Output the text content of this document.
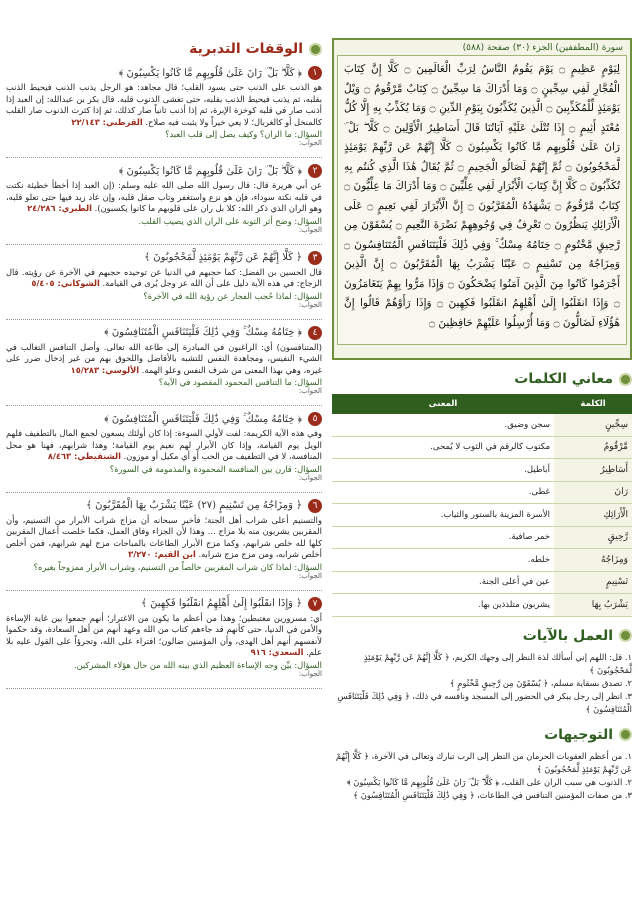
الوقفات التدبرية
١
﴿ كَلَّا ۖ بَلْ ۜ رَانَ عَلَىٰ قُلُوبِهِم مَّا كَانُوا يَكْسِبُونَ ﴾
هو الذنب على الذنب حتى يسود القلب؛ قال مجاهد: هو الرجل يذنب الذنب فيحيط الذنب بقلبه، ثم يذنب فيحيط الذنب بقلبه، حتى تغشى الذنوب قلبه. قال بكر بن عبدالله: إن العبد إذا أذنب صار في قلبه كوخزة الإبرة، ثم إذا أذنب ثانياً صار كذلك، ثم إذا كثرت الذنوب صار القلب كالمنخل أو كالغربال؛ لا يعي خيراً ولا يثبت فيه صلاح. القرطبي: ٢٢/١٤٣
السؤال: ما الران؟ وكيف يصل إلى قلب العبد؟
الجواب:
٢
﴿ كَلَّا ۖ بَلْ ۜ رَانَ عَلَىٰ قُلُوبِهِم مَّا كَانُوا يَكْسِبُونَ ﴾
عن أبي هريرة قال: قال رسول الله صلى الله عليه وسلم: (إن العبد إذا أخطأ خطيئة نكتت في قلبه نكتة سوداء، فإن هو نزع واستغفر وتاب صقل قلبه، وإن عاد زيد فيها حتى تعلو قلبه، وهو الران الذي ذكر الله: كلا بل ران على قلوبهم ما كانوا يكسبون). الطبري: ٢٤/٢٨٦
السؤال: وضح أثر التوبة على الران الذي يصيب القلب.
الجواب:
٣
﴿ كَلَّا إِنَّهُمْ عَن رَّبِّهِمْ يَوْمَئِذٍ لَّمَحْجُوبُونَ ﴾
قال الحسين بن الفضل: كما حجبهم في الدنيا عن توحيده حجبهم في الآخرة عن رؤيته. قال الزجاج: في هذه الآية دليل على أن الله عز وجل يُرى في القيامة. الشوكاني: ٥/٤٠٥
السؤال: لماذا حُجب الفجار عن رؤية الله في الآخرة؟
الجواب:
٤
﴿ خِتَامُهُ مِسْكٌ ۚ وَفِي ذَٰلِكَ فَلْيَتَنَافَسِ الْمُتَنَافِسُونَ ﴾
(المتنافسون) أي: الراغبون في المبادرة إلى طاعة الله تعالى. وأصل التنافس التغالب في الشيء النفيس، ومجاهدة النفس للتشبه بالأفاضل واللحوق بهم من غير إدخال ضرر على غيره، وهي بهذا المعنى من شرف النفس وعلو الهمة. الألوسي: ١٥/٢٨٣
السؤال: ما التنافس المحمود المقصود في الآية؟
الجواب:
٥
﴿ خِتَامُهُ مِسْكٌ ۚ وَفِي ذَٰلِكَ فَلْيَتَنَافَسِ الْمُتَنَافِسُونَ ﴾
وفي هذه الآية الكريمة: لفت لأولي السوءة: إذا كان أولئك يسعون لجمع المال بالتطفيف فلهم الويل يوم القيامة، وإذا كان الأبرار لهم نعيم يوم القيامة؛ وهذا شرابهم، فهنا هو محل المنافسة، لا في التطفيف من الحب أو أي مكيل أو موزون. الشنقيطي: ٨/٤٦٣
السؤال: قارن بين المنافسة المحمودة والمذمومة في السورة؟
الجواب:
٦
﴿ وَمِزَاجُهُ مِن تَسْنِيمٍ (٢٧) عَيْنًا يَشْرَبُ بِهَا الْمُقَرَّبُونَ ﴾
والتسنيم أعلى شراب أهل الجنة؛ فأخبر سبحانه أن مزاج شراب الأبرار من التسنيم، وأن المقربين يشربون منه بلا مزاج ... وهذا لأن الجزاء وفاق العمل، فكما خلصت أعمال المقربين كلها لله خلص شرابهم، وكما مزج الأبرار الطاعات بالمباحات مزج لهم شرابهم، فمن أخلص أخلص شرابه، ومن مزج مزج شرابه. ابن القيم: ٣/٢٧٠
السؤال: لماذا كان شراب المقربين خالصاً من التسنيم، وشراب الأبرار ممزوجاً بغيره؟
الجواب:
٧
﴿ وَإِذَا انقَلَبُوا إِلَىٰ أَهْلِهِمُ انقَلَبُوا فَكِهِينَ ﴾
أي: مسرورين مغتبطين؛ وهذا من أعظم ما يكون من الاغترار؛ أنهم جمعوا بين غاية الإساءة والأمن في الدنيا، حتى كأنهم قد جاءهم كتاب من الله وعهد أنهم من أهل السعادة، وقد حكموا لأنفسهم أنهم أهل الهدى، وأن المؤمنين ضالون؛ افتراء على الله، وتجرؤاً على القول عليه بلا علم. السعدي: ٩١٦
السؤال: بيِّن وجه الإساءة العظيم الذي بينه الله من حال هؤلاء المشركين.
الجواب:
سورة (المطففين) الجزء (٣٠) صفحة (٥٨٨)
لِيَوْمٍ عَظِيمٍ ۝ يَوْمَ يَقُومُ النَّاسُ لِرَبِّ الْعَالَمِينَ ۝ كَلَّا إِنَّ كِتَابَ الْفُجَّارِ لَفِي سِجِّينٍ ۝ وَمَا أَدْرَاكَ مَا سِجِّينٌ ۝ كِتَابٌ مَّرْقُومٌ ۝ وَيْلٌ يَوْمَئِذٍ لِّلْمُكَذِّبِينَ ۝ الَّذِينَ يُكَذِّبُونَ بِيَوْمِ الدِّينِ ۝ وَمَا يُكَذِّبُ بِهِ إِلَّا كُلُّ مُعْتَدٍ أَثِيمٍ ۝ إِذَا تُتْلَىٰ عَلَيْهِ آيَاتُنَا قَالَ أَسَاطِيرُ الْأَوَّلِينَ ۝ كَلَّا ۖ بَلْ ۜ رَانَ عَلَىٰ قُلُوبِهِم مَّا كَانُوا يَكْسِبُونَ ۝ كَلَّا إِنَّهُمْ عَن رَّبِّهِمْ يَوْمَئِذٍ لَّمَحْجُوبُونَ ۝ ثُمَّ إِنَّهُمْ لَصَالُو الْجَحِيمِ ۝ ثُمَّ يُقَالُ هَٰذَا الَّذِي كُنتُم بِهِ تُكَذِّبُونَ ۝ كَلَّا إِنَّ كِتَابَ الْأَبْرَارِ لَفِي عِلِّيِّينَ ۝ وَمَا أَدْرَاكَ مَا عِلِّيُّونَ ۝ كِتَابٌ مَّرْقُومٌ ۝ يَشْهَدُهُ الْمُقَرَّبُونَ ۝ إِنَّ الْأَبْرَارَ لَفِي نَعِيمٍ ۝ عَلَى الْأَرَائِكِ يَنظُرُونَ ۝ تَعْرِفُ فِي وُجُوهِهِمْ نَضْرَةَ النَّعِيمِ ۝ يُسْقَوْنَ مِن رَّحِيقٍ مَّخْتُومٍ ۝ خِتَامُهُ مِسْكٌ ۚ وَفِي ذَٰلِكَ فَلْيَتَنَافَسِ الْمُتَنَافِسُونَ ۝ وَمِزَاجُهُ مِن تَسْنِيمٍ ۝ عَيْنًا يَشْرَبُ بِهَا الْمُقَرَّبُونَ ۝ إِنَّ الَّذِينَ أَجْرَمُوا كَانُوا مِنَ الَّذِينَ آمَنُوا يَضْحَكُونَ ۝ وَإِذَا مَرُّوا بِهِمْ يَتَغَامَزُونَ ۝ وَإِذَا انقَلَبُوا إِلَىٰ أَهْلِهِمُ انقَلَبُوا فَكِهِينَ ۝ وَإِذَا رَأَوْهُمْ قَالُوا إِنَّ هَٰؤُلَاءِ لَضَالُّونَ ۝ وَمَا أُرْسِلُوا عَلَيْهِمْ حَافِظِينَ ۝
معاني الكلمات
الكلمة	المعنى
سِجِّينٍ	سجن وضيق.
مَّرْقُومٌ	مكتوب كالرقم في الثوب لا يُمحى.
أَسَاطِيرُ	أباطيل.
رَانَ	غطى.
الْأَرَائِكِ	الأسرة المزينة بالستور والثياب.
رَّحِيقٍ	خمر صافية.
وَمِزَاجُهُ	خلطه.
تَسْنِيمٍ	عين في أعلى الجنة.
يَشْرَبُ بِهَا	يشربون متلذذين بها.
العمل بالآيات
١. قل: اللهم إني أسألك لذة النظر إلى وجهك الكريم، ﴿ كَلَّا إِنَّهُمْ عَن رَّبِّهِمْ يَوْمَئِذٍ لَّمَحْجُوبُونَ ﴾
٢. تصدق بسقاية مسلم، ﴿ يُسْقَوْنَ مِن رَّحِيقٍ مَّخْتُومٍ ﴾
٣. انظر إلى رجل يبكر في الحضور إلى المسجد ونافسه في ذلك، ﴿ وَفِي ذَٰلِكَ فَلْيَتَنَافَسِ الْمُتَنَافِسُونَ ﴾
التوجيهات
١. من أعظم العقوبات الحرمان من النظر إلى الرب تبارك وتعالى في الآخرة، ﴿ كَلَّا إِنَّهُمْ عَن رَّبِّهِمْ يَوْمَئِذٍ لَّمَحْجُوبُونَ ﴾
٢. الذنوب هي سبب الران على القلب، ﴿ كَلَّا ۖ بَلْ ۜ رَانَ عَلَىٰ قُلُوبِهِم مَّا كَانُوا يَكْسِبُونَ ﴾
٣. من صفات المؤمنين التنافس في الطاعات، ﴿ وَفِي ذَٰلِكَ فَلْيَتَنَافَسِ الْمُتَنَافِسُونَ ﴾
